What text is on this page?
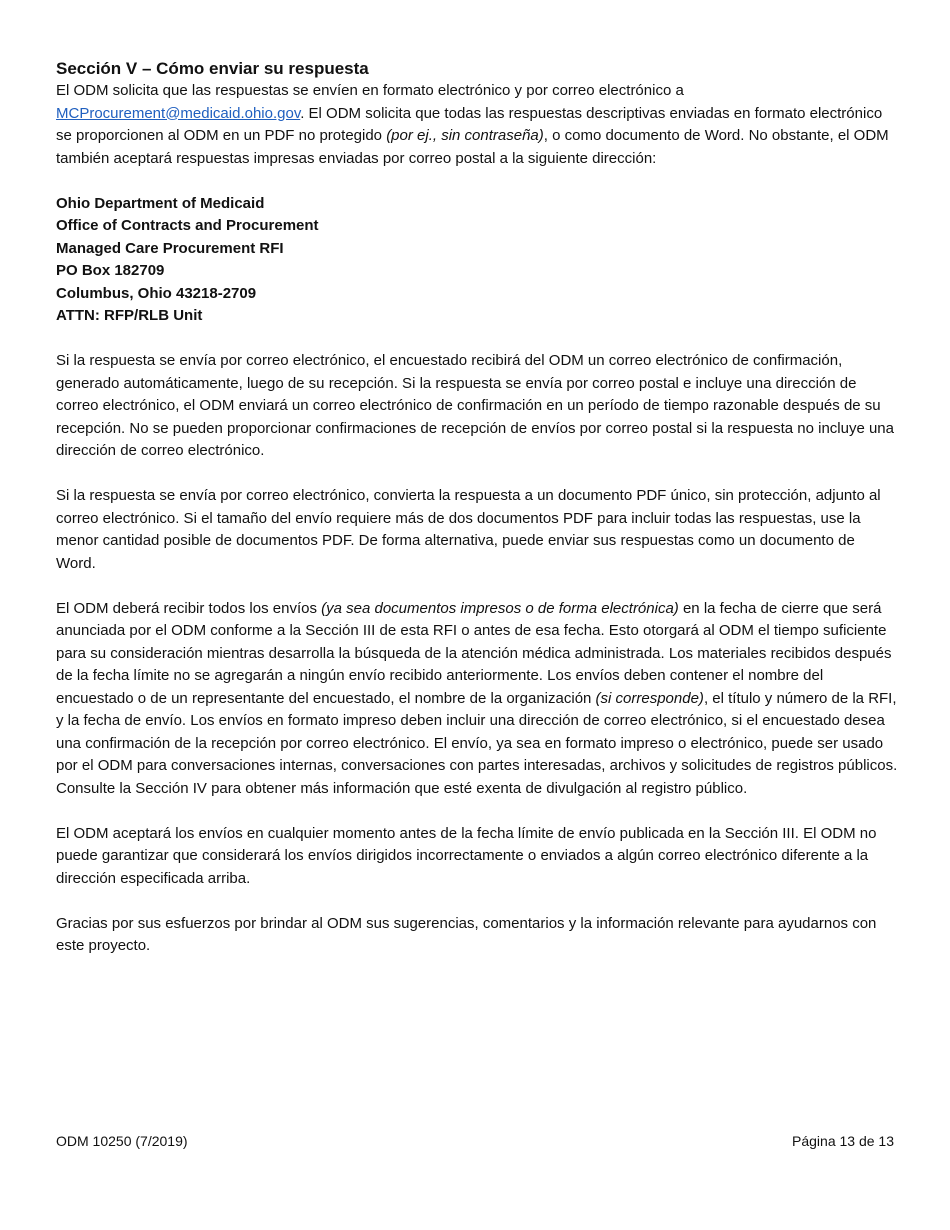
Sección V – Cómo enviar su respuesta

El ODM solicita que las respuestas se envíen en formato electrónico y por correo electrónico a MCProcurement@medicaid.ohio.gov. El ODM solicita que todas las respuestas descriptivas enviadas en formato electrónico se proporcionen al ODM en un PDF no protegido (por ej., sin contraseña), o como documento de Word. No obstante, el ODM también aceptará respuestas impresas enviadas por correo postal a la siguiente dirección:

Ohio Department of Medicaid
Office of Contracts and Procurement
Managed Care Procurement RFI
PO Box 182709
Columbus, Ohio 43218-2709
ATTN: RFP/RLB Unit

Si la respuesta se envía por correo electrónico, el encuestado recibirá del ODM un correo electrónico de confirmación, generado automáticamente, luego de su recepción. Si la respuesta se envía por correo postal e incluye una dirección de correo electrónico, el ODM enviará un correo electrónico de confirmación en un período de tiempo razonable después de su recepción. No se pueden proporcionar confirmaciones de recepción de envíos por correo postal si la respuesta no incluye una dirección de correo electrónico.

Si la respuesta se envía por correo electrónico, convierta la respuesta a un documento PDF único, sin protección, adjunto al correo electrónico. Si el tamaño del envío requiere más de dos documentos PDF para incluir todas las respuestas, use la menor cantidad posible de documentos PDF. De forma alternativa, puede enviar sus respuestas como un documento de Word.

El ODM deberá recibir todos los envíos (ya sea documentos impresos o de forma electrónica) en la fecha de cierre que será anunciada por el ODM conforme a la Sección III de esta RFI o antes de esa fecha. Esto otorgará al ODM el tiempo suficiente para su consideración mientras desarrolla la búsqueda de la atención médica administrada. Los materiales recibidos después de la fecha límite no se agregarán a ningún envío recibido anteriormente. Los envíos deben contener el nombre del encuestado o de un representante del encuestado, el nombre de la organización (si corresponde), el título y número de la RFI, y la fecha de envío. Los envíos en formato impreso deben incluir una dirección de correo electrónico, si el encuestado desea una confirmación de la recepción por correo electrónico. El envío, ya sea en formato impreso o electrónico, puede ser usado por el ODM para conversaciones internas, conversaciones con partes interesadas, archivos y solicitudes de registros públicos. Consulte la Sección IV para obtener más información que esté exenta de divulgación al registro público.

El ODM aceptará los envíos en cualquier momento antes de la fecha límite de envío publicada en la Sección III. El ODM no puede garantizar que considerará los envíos dirigidos incorrectamente o enviados a algún correo electrónico diferente a la dirección especificada arriba.

Gracias por sus esfuerzos por brindar al ODM sus sugerencias, comentarios y la información relevante para ayudarnos con este proyecto.

ODM 10250 (7/2019)	Página 13 de 13
